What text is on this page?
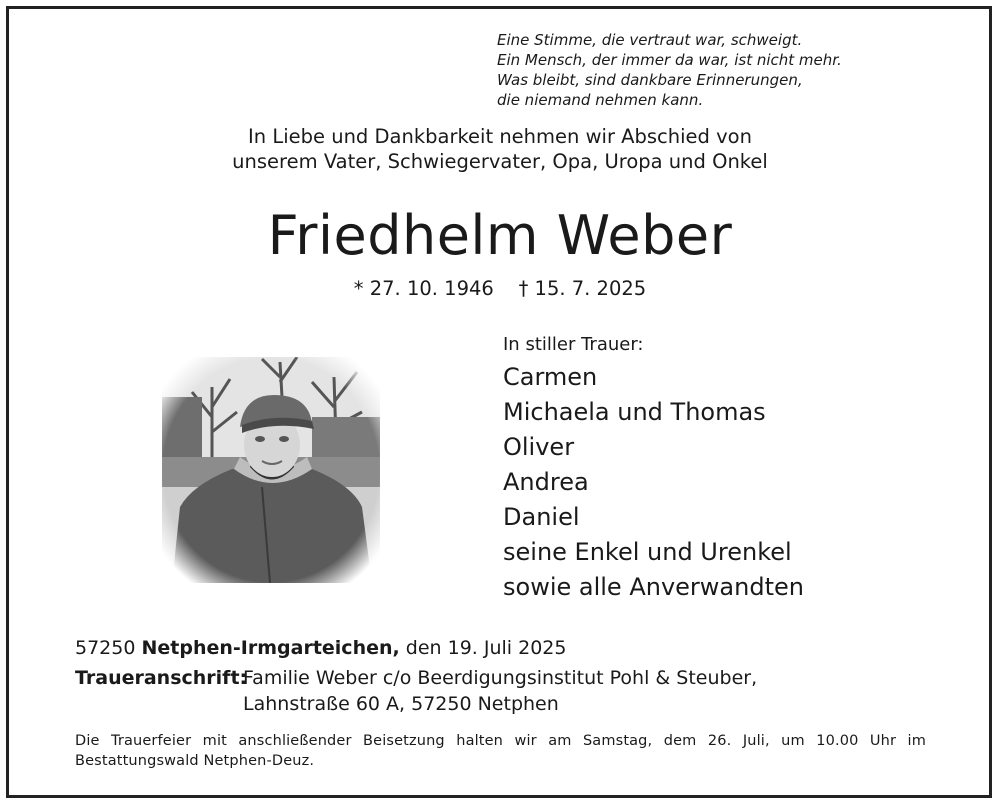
Eine Stimme, die vertraut war, schweigt.
Ein Mensch, der immer da war, ist nicht mehr.
Was bleibt, sind dankbare Erinnerungen,
die niemand nehmen kann.
In Liebe und Dankbarkeit nehmen wir Abschied von
unserem Vater, Schwiegervater, Opa, Uropa und Onkel
Friedhelm Weber
* 27. 10. 1946    † 15. 7. 2025
In stiller Trauer:
Carmen
Michaela und Thomas
Oliver
Andrea
Daniel
seine Enkel und Urenkel
sowie alle Anverwandten
57250 Netphen-Irmgarteichen, den 19. Juli 2025
Traueranschrift:Familie Weber c/o Beerdigungsinstitut Pohl & Steuber,
Lahnstraße 60 A, 57250 Netphen
Die Trauerfeier mit anschließender Beisetzung halten wir am Samstag, dem 26. Juli, um 10.00 Uhr im Bestattungswald Netphen-Deuz.
